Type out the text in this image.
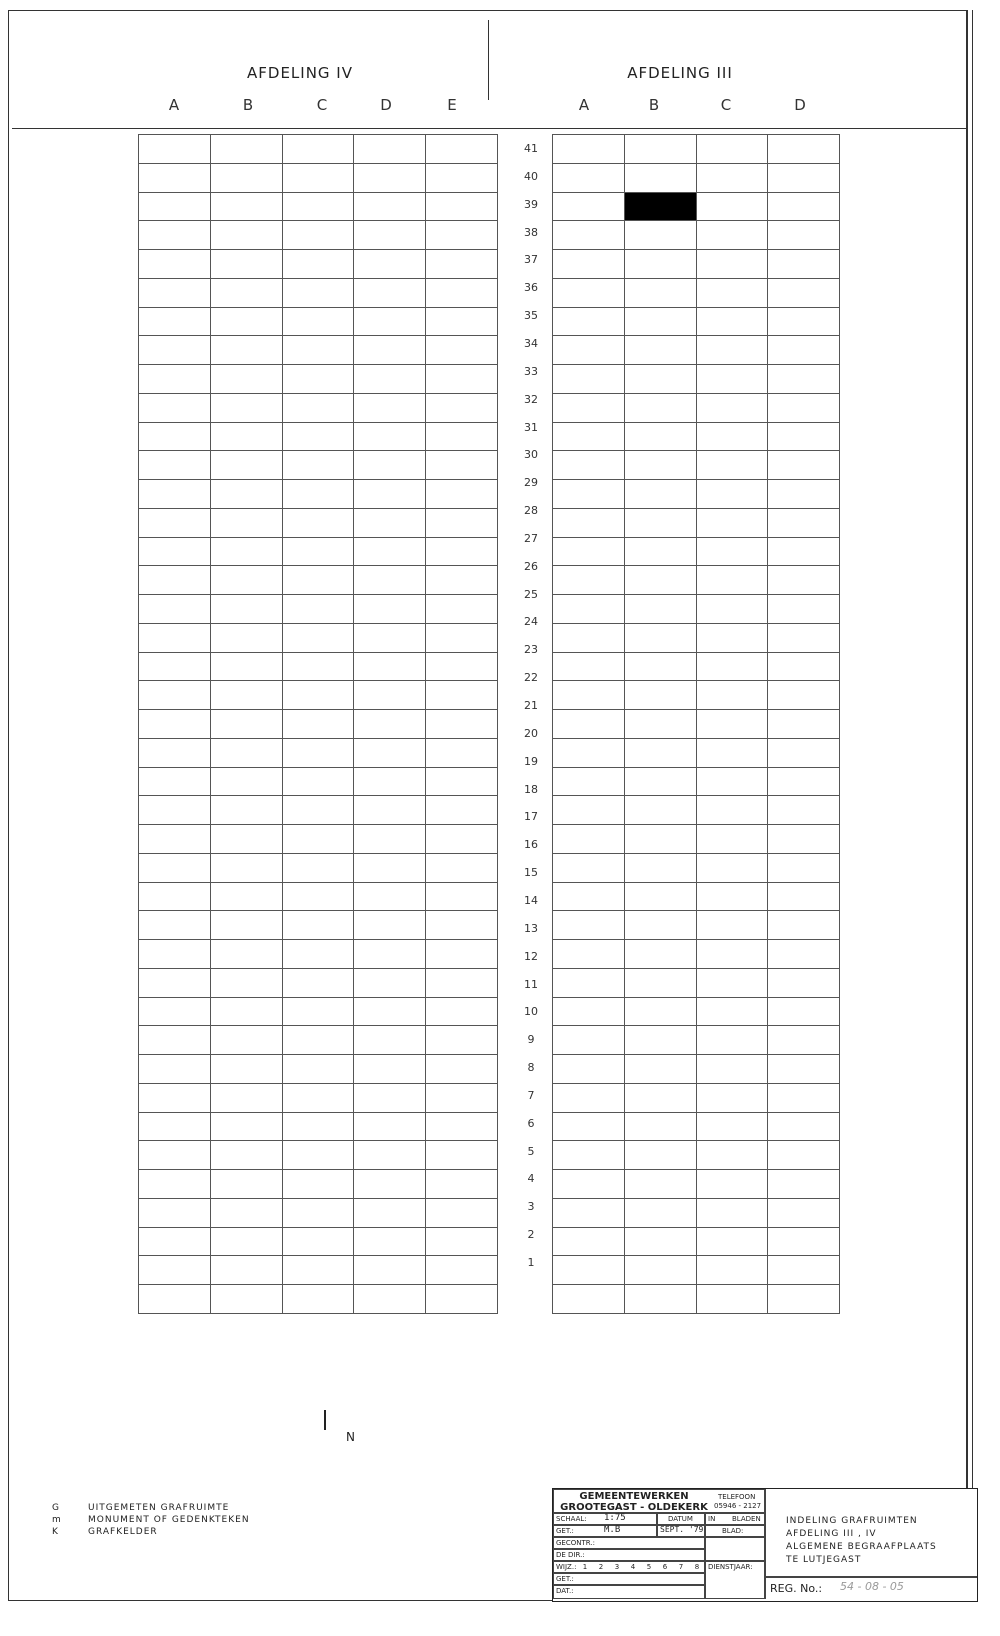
AFDELING IV	AFDELING III
A	B	C	D	E	A	B	C	D

41
40
39
38
37
36
35
34
33
32
31
30
29
28
27
26
25
24
23
22
21
20
19
18
17
16
15
14
13
12
11
10
9
8
7
6
5
4
3
2
1
N
G	UITGEMETEN GRAFRUIMTE
m	MONUMENT OF GEDENKTEKEN
K	GRAFKELDER
GEMEENTEWERKEN
GROOTEGAST - OLDEKERK
TELEFOON
05946 - 2127
SCHAAL: 1:75	DATUM IN BLADEN
GET.:	M.B	SEPT. '79	BLAD:
GECONTR.:
DE DIR.:
WIJZ.: 1	2	3	4	5	6	7	8
GET.:
DAT.:
DIENSTJAAR:
INDELING GRAFRUIMTEN
AFDELING III , IV
ALGEMENE BEGRAAFPLAATS
TE LUTJEGAST
REG. No.: 54 - 08 - 05
